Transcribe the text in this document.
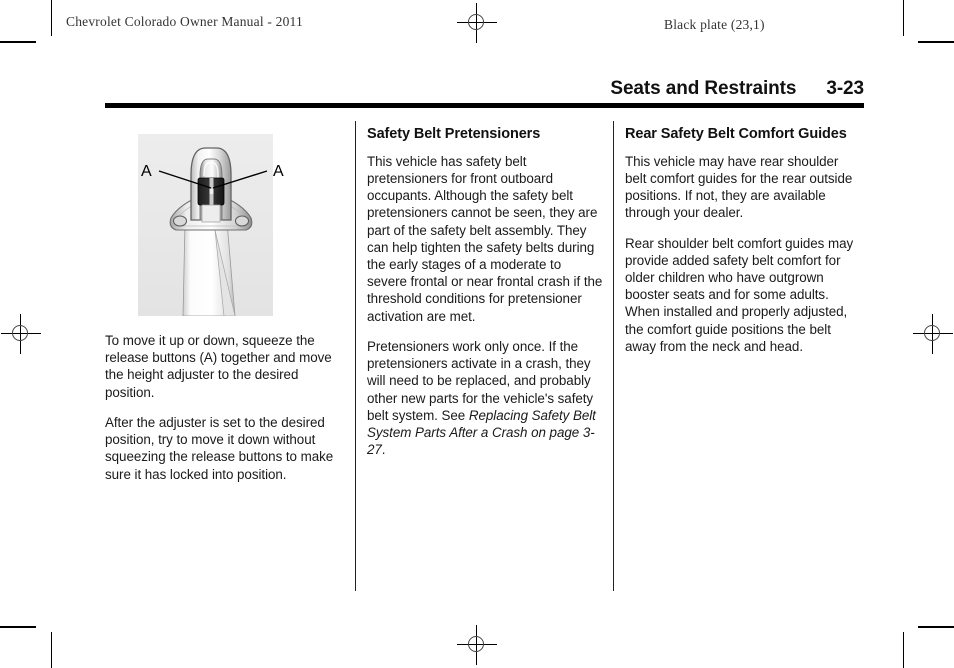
Chevrolet Colorado Owner Manual - 2011	Black plate (23,1)
Seats and Restraints 3-23
A	A

To move it up or down, squeeze the release buttons (A) together and move the height adjuster to the desired position.

After the adjuster is set to the desired position, try to move it down without squeezing the release buttons to make sure it has locked into position.

Safety Belt Pretensioners

This vehicle has safety belt pretensioners for front outboard occupants. Although the safety belt pretensioners cannot be seen, they are part of the safety belt assembly. They can help tighten the safety belts during the early stages of a moderate to severe frontal or near frontal crash if the threshold conditions for pretensioner activation are met.

Pretensioners work only once. If the pretensioners activate in a crash, they will need to be replaced, and probably other new parts for the vehicle's safety belt system. See Replacing Safety Belt System Parts After a Crash on page 3-27.

Rear Safety Belt Comfort Guides

This vehicle may have rear shoulder belt comfort guides for the rear outside positions. If not, they are available through your dealer.

Rear shoulder belt comfort guides may provide added safety belt comfort for older children who have outgrown booster seats and for some adults. When installed and properly adjusted, the comfort guide positions the belt away from the neck and head.
